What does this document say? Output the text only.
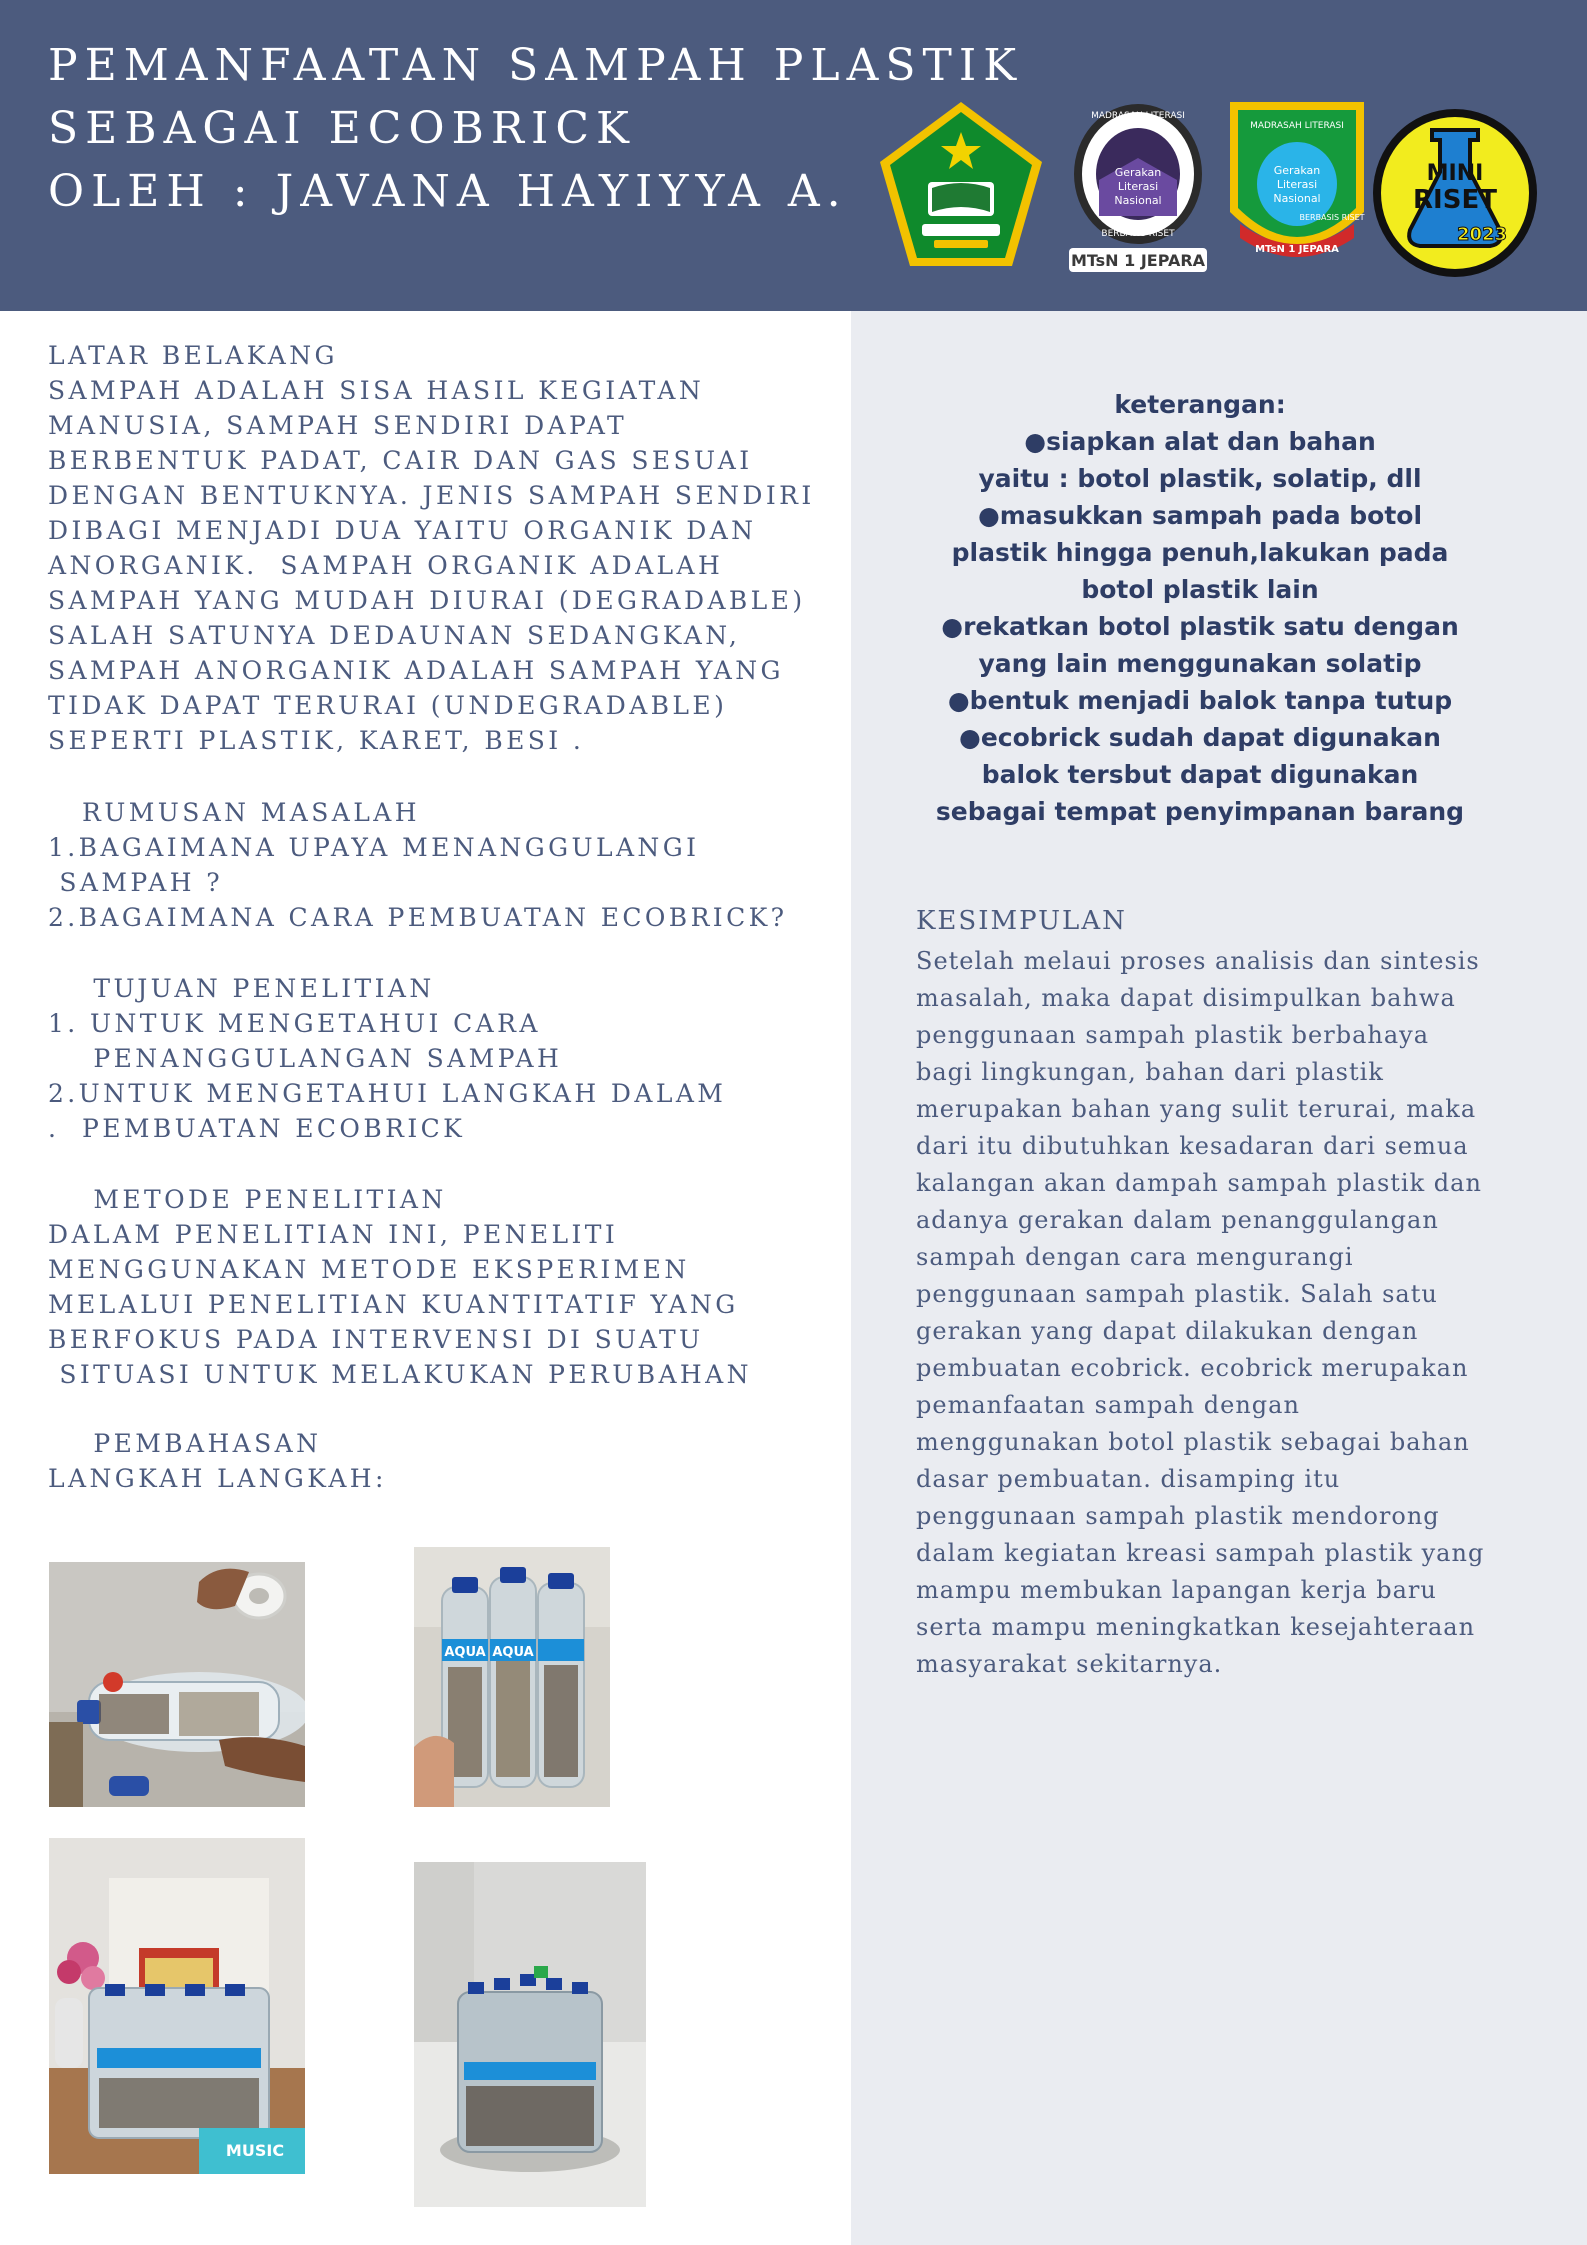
PEMANFAATAN SAMPAH PLASTIK
SEBAGAI ECOBRICK
OLEH : JAVANA HAYIYYA A.
MADRASAH LITERASI
Gerakan
Literasi
Nasional
BERBASIS RISET
MTsN 1 JEPARA
MADRASAH LITERASI
Gerakan
Literasi
Nasional
BERBASIS RISET
MTsN 1 JEPARA
MINI
RISET
2023
LATAR BELAKANG
SAMPAH ADALAH SISA HASIL KEGIATAN
MANUSIA, SAMPAH SENDIRI DAPAT
BERBENTUK PADAT, CAIR DAN GAS SESUAI
DENGAN BENTUKNYA. JENIS SAMPAH SENDIRI
DIBAGI MENJADI DUA YAITU ORGANIK DAN
ANORGANIK.  SAMPAH ORGANIK ADALAH
SAMPAH YANG MUDAH DIURAI (DEGRADABLE)
SALAH SATUNYA DEDAUNAN SEDANGKAN,
SAMPAH ANORGANIK ADALAH SAMPAH YANG
TIDAK DAPAT TERURAI (UNDEGRADABLE)
SEPERTI PLASTIK, KARET, BESI .
RUMUSAN MASALAH
1.BAGAIMANA UPAYA MENANGGULANGI
SAMPAH ?
2.BAGAIMANA CARA PEMBUATAN ECOBRICK?
TUJUAN PENELITIAN
1. UNTUK MENGETAHUI CARA
PENANGGULANGAN SAMPAH
2.UNTUK MENGETAHUI LANGKAH DALAM
.  PEMBUATAN ECOBRICK
METODE PENELITIAN
DALAM PENELITIAN INI, PENELITI
MENGGUNAKAN METODE EKSPERIMEN
MELALUI PENELITIAN KUANTITATIF YANG
BERFOKUS PADA INTERVENSI DI SUATU
SITUASI UNTUK MELAKUKAN PERUBAHAN
PEMBAHASAN
LANGKAH LANGKAH:
AQUA AQUA
MUSIC
keterangan:
●siapkan alat dan bahan
yaitu : botol plastik, solatip, dll
●masukkan sampah pada botol
plastik hingga penuh,lakukan pada
botol plastik lain
●rekatkan botol plastik satu dengan
yang lain menggunakan solatip
●bentuk menjadi balok tanpa tutup
●ecobrick sudah dapat digunakan
balok tersbut dapat digunakan
sebagai tempat penyimpanan barang
KESIMPULAN
Setelah melaui proses analisis dan sintesis
masalah, maka dapat disimpulkan bahwa
penggunaan sampah plastik berbahaya
bagi lingkungan, bahan dari plastik
merupakan bahan yang sulit terurai, maka
dari itu dibutuhkan kesadaran dari semua
kalangan akan dampah sampah plastik dan
adanya gerakan dalam penanggulangan
sampah dengan cara mengurangi
penggunaan sampah plastik. Salah satu
gerakan yang dapat dilakukan dengan
pembuatan ecobrick. ecobrick merupakan
pemanfaatan sampah dengan
menggunakan botol plastik sebagai bahan
dasar pembuatan. disamping itu
penggunaan sampah plastik mendorong
dalam kegiatan kreasi sampah plastik yang
mampu membukan lapangan kerja baru
serta mampu meningkatkan kesejahteraan
masyarakat sekitarnya.
